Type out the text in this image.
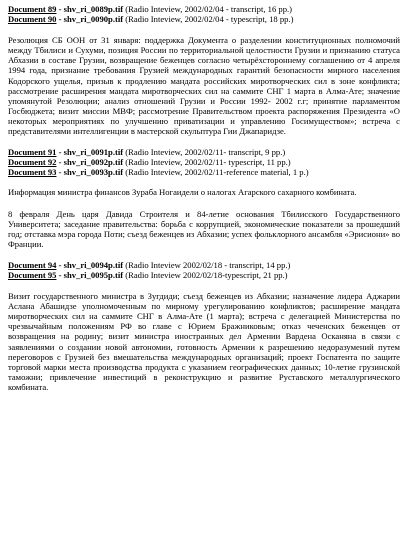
Document 89 - shv_ri_0089p.tif (Radio Inteview, 2002/02/04 - transcript, 16 pp.)
Document 90 - shv_ri_0090p.tif (Radio Inteview, 2002/02/04 - typescript, 18 pp.)

Резолюция СБ ООН от 31 января: поддержка Документа о разделении конституционных полномочий между Тбилиси и Сухуми, позиция России по территориальной целостности Грузии и признанию статуса Абхазии в составе Грузии, возвращение беженцев согласно четырёхстороннему соглашению от 4 апреля 1994 года, признание требования Грузией международных гарантий безопасности мирного населения Кодорского ущелья, призыв к продлению мандата российских миротворческих сил в зоне конфликта; рассмотрение расширения мандата миротворческих сил на саммите СНГ 1 марта в Алма-Ате; значение упомянутой Резолюции; анализ отношений Грузии и России 1992- 2002 г.г; принятие парламентом Госбюджета; визит миссии МВФ; рассмотрение Правительством проекта распоряжения Президента «О некоторых мероприятиях по улучшению приватизации и управлению Госимуществом»; встреча с представителями интеллигенции в мастерской скульптура Гии Джапаридзе.

Document 91 - shv_ri_0091p.tif (Radio Inteview, 2002/02/11- transcript, 9 pp.)
Document 92 - shv_ri_0092p.tif (Radio Inteview, 2002/02/11- typescript, 11 pp.)
Document 93 - shv_ri_0093p.tif (Radio Inteview, 2002/02/11-reference material, 1 p.)

Информация министра финансов Зураба Ногаидели о налогах Агарского сахарного комбината.

8 февраля День царя Давида Строителя и 84-летие основания Тбилисского Государственного Университета; заседание правительства: борьба с коррупцией, экономические показатели за прошедший год; отставка мэра города Поти; съезд беженцев из Абхазии; успех фольклорного ансамбля «Эрисиони» во Франции.

Document 94 - shv_ri_0094p.tif (Radio Inteview 2002/02/18 - transcript, 14 pp.)
Document 95 - shv_ri_0095p.tif (Radio Inteview 2002/02/18-typescript, 21 pp.)

Визит государственного министра в Зугдиди; съезд беженцев из Абхазии; назначение лидера Аджарии Аслана Абашидзе уполномоченным по мирному урегулированию конфликтов; расширение мандата миротворческих сил на саммите СНГ в Алма-Ате (1 марта); встреча с делегацией Министерства по чрезвычайным положениям РФ во главе с Юрием Бражниковым; отказ чеченских беженцев от возвращения на родину; визит министра иностранных дел Армении Вардена Осканяна в связи с заявлениями о создании новой автономии, готовность Армении к разрешению недоразумений путем переговоров с Грузией без вмешательства международных организаций; проект Госпатента по защите торговой марки места производства продукта с указанием географических данных; 10-летие грузинской таможни; привлечение инвестиций в реконструкцию и развитие Руставского металлургического комбината.
